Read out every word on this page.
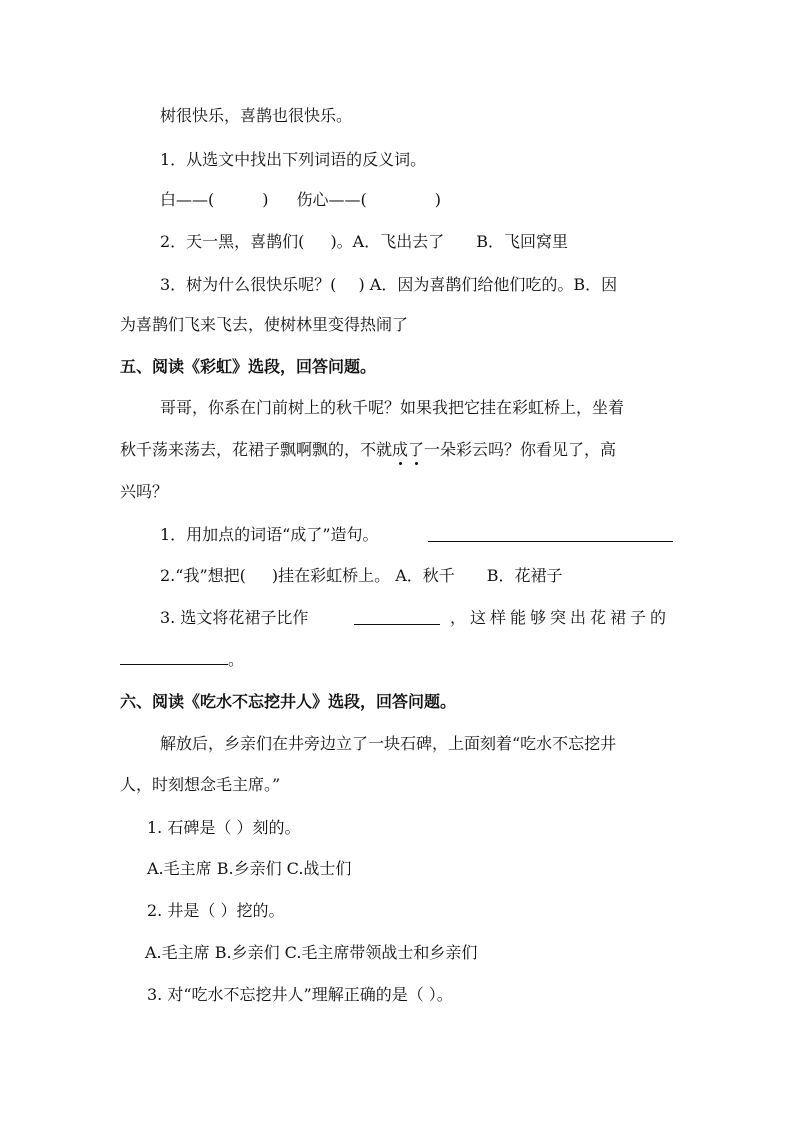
树很快乐，喜鹊也很快乐。
1．从选文中找出下列词语的反义词。
白——(	) 伤心——(	)
2．天一黑，喜鹊们( )。A．飞出去了 B．飞回窝里
3．树为什么很快乐呢？( ) A．因为喜鹊们给他们吃的。B．因
为喜鹊们飞来飞去，使树林里变得热闹了
五、阅读《彩虹》选段，回答问题。
哥哥，你系在门前树上的秋千呢？如果我把它挂在彩虹桥上，坐着
秋千荡来荡去，花裙子飘啊飘的，不就成了一朵彩云吗？你看见了，高
兴吗？
1．用加点的词语“成了”造句。
2.“我”想把( )挂在彩虹桥上。 A．秋千 B．花裙子
3. 选文将花裙子比作	，这样能够突出花裙子的
。
六、阅读《吃水不忘挖井人》选段，回答问题。
解放后，乡亲们在井旁边立了一块石碑，上面刻着“吃水不忘挖井
人，时刻想念毛主席。”
1. 石碑是（ ）刻的。
A.毛主席 B.乡亲们 C.战士们
2. 井是（ ）挖的。
A.毛主席 B.乡亲们 C.毛主席带领战士和乡亲们
3. 对“吃水不忘挖井人”理解正确的是（ ）。
